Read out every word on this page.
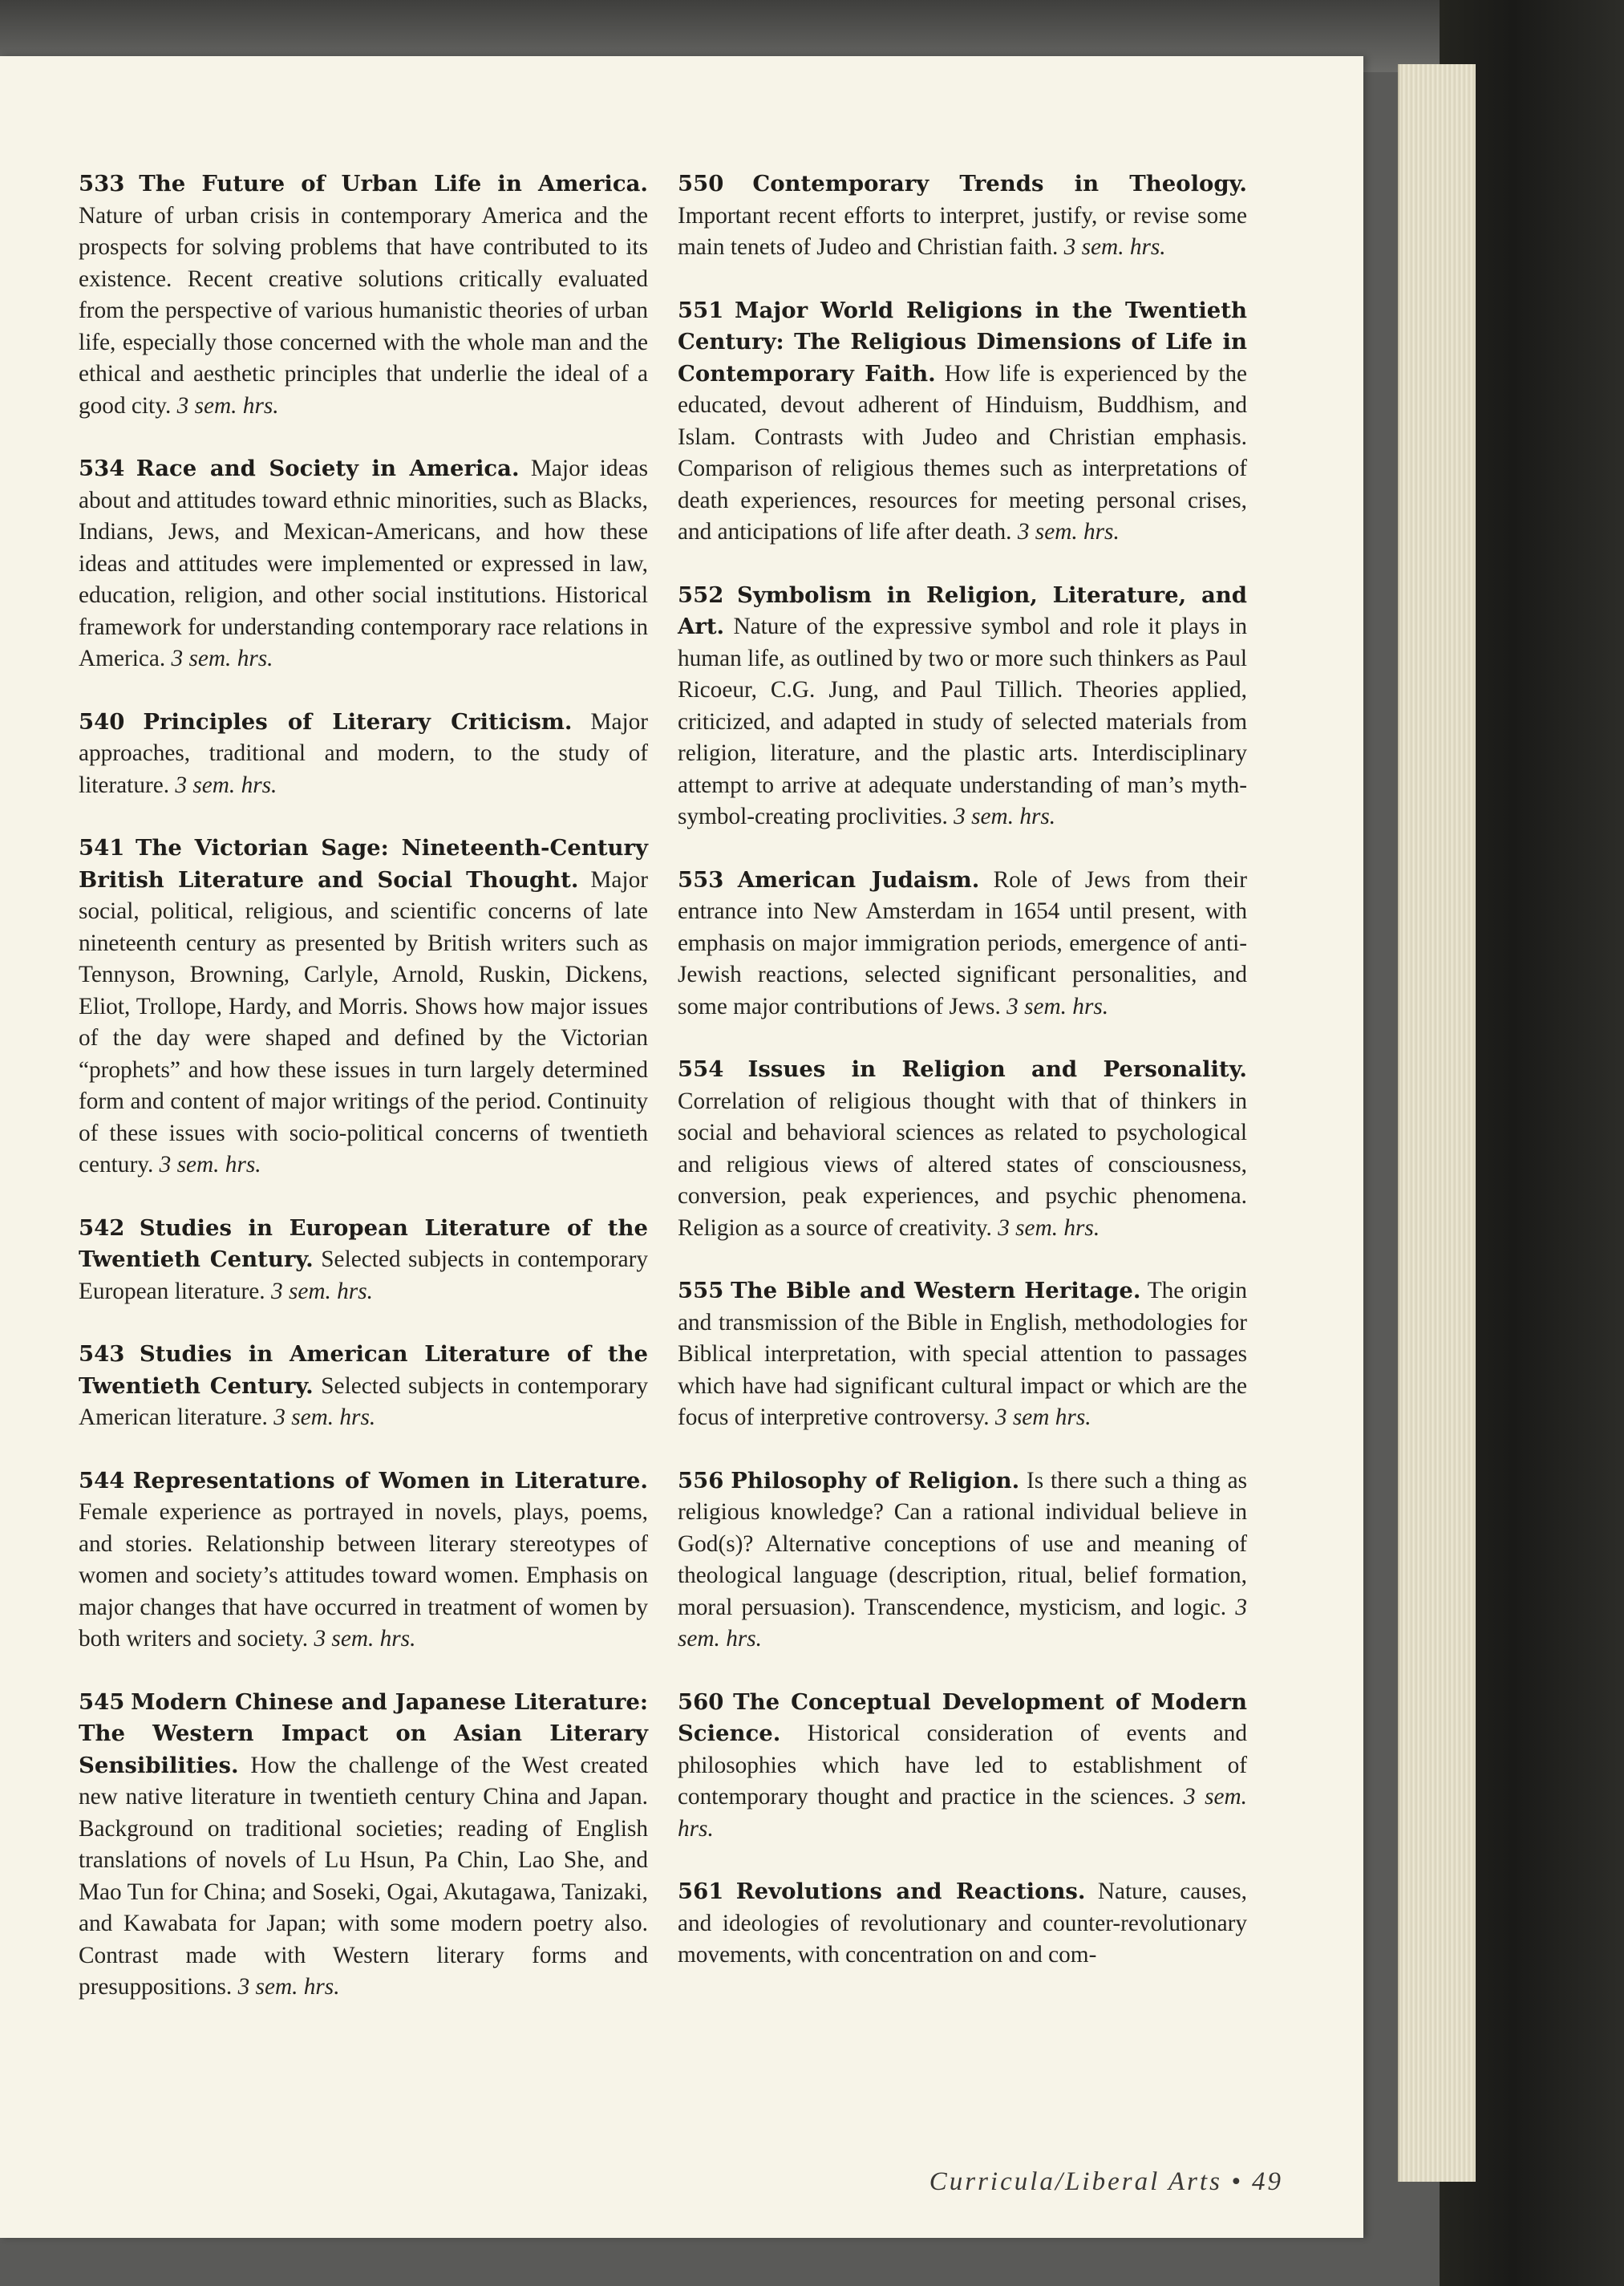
533 The Future of Urban Life in America. Nature of urban crisis in contemporary America and the prospects for solving problems that have contributed to its existence. Recent creative solutions critically evaluated from the perspective of various humanistic theories of urban life, especially those concerned with the whole man and the ethical and aesthetic principles that underlie the ideal of a good city. 3 sem. hrs.

534 Race and Society in America. Major ideas about and attitudes toward ethnic minorities, such as Blacks, Indians, Jews, and Mexican-Americans, and how these ideas and attitudes were implemented or expressed in law, education, religion, and other social institutions. Historical framework for understanding contemporary race relations in America. 3 sem. hrs.

540 Principles of Literary Criticism. Major approaches, traditional and modern, to the study of literature. 3 sem. hrs.

541 The Victorian Sage: Nineteenth-Century British Literature and Social Thought. Major social, political, religious, and scientific concerns of late nineteenth century as presented by British writers such as Tennyson, Browning, Carlyle, Arnold, Ruskin, Dickens, Eliot, Trollope, Hardy, and Morris. Shows how major issues of the day were shaped and defined by the Victorian “prophets” and how these issues in turn largely determined form and content of major writings of the period. Continuity of these issues with socio-political concerns of twentieth century. 3 sem. hrs.

542 Studies in European Literature of the Twentieth Century. Selected subjects in contemporary European literature. 3 sem. hrs.

543 Studies in American Literature of the Twentieth Century. Selected subjects in contemporary American literature. 3 sem. hrs.

544 Representations of Women in Literature. Female experience as portrayed in novels, plays, poems, and stories. Relationship between literary stereotypes of women and society’s attitudes toward women. Emphasis on major changes that have occurred in treatment of women by both writers and society. 3 sem. hrs.

545 Modern Chinese and Japanese Literature: The Western Impact on Asian Literary Sensibilities. How the challenge of the West created new native literature in twentieth century China and Japan. Background on traditional societies; reading of English translations of novels of Lu Hsun, Pa Chin, Lao She, and Mao Tun for China; and Soseki, Ogai, Akutagawa, Tanizaki, and Kawabata for Japan; with some modern poetry also. Contrast made with Western literary forms and presuppositions. 3 sem. hrs.

550 Contemporary Trends in Theology. Important recent efforts to interpret, justify, or revise some main tenets of Judeo and Christian faith. 3 sem. hrs.

551 Major World Religions in the Twentieth Century: The Religious Dimensions of Life in Contemporary Faith. How life is experienced by the educated, devout adherent of Hinduism, Buddhism, and Islam. Contrasts with Judeo and Christian emphasis. Comparison of religious themes such as interpretations of death experiences, resources for meeting personal crises, and anticipations of life after death. 3 sem. hrs.

552 Symbolism in Religion, Literature, and Art. Nature of the expressive symbol and role it plays in human life, as outlined by two or more such thinkers as Paul Ricoeur, C.G. Jung, and Paul Tillich. Theories applied, criticized, and adapted in study of selected materials from religion, literature, and the plastic arts. Interdisciplinary attempt to arrive at adequate understanding of man’s myth-symbol-creating proclivities. 3 sem. hrs.

553 American Judaism. Role of Jews from their entrance into New Amsterdam in 1654 until present, with emphasis on major immigration periods, emergence of anti-Jewish reactions, selected significant personalities, and some major contributions of Jews. 3 sem. hrs.

554 Issues in Religion and Personality. Correlation of religious thought with that of thinkers in social and behavioral sciences as related to psychological and religious views of altered states of consciousness, conversion, peak experiences, and psychic phenomena. Religion as a source of creativity. 3 sem. hrs.

555 The Bible and Western Heritage. The origin and transmission of the Bible in English, methodologies for Biblical interpretation, with special attention to passages which have had significant cultural impact or which are the focus of interpretive controversy. 3 sem hrs.

556 Philosophy of Religion. Is there such a thing as religious knowledge? Can a rational individual believe in God(s)? Alternative conceptions of use and meaning of theological language (description, ritual, belief formation, moral persuasion). Transcendence, mysticism, and logic. 3 sem. hrs.

560 The Conceptual Development of Modern Science. Historical consideration of events and philosophies which have led to establishment of contemporary thought and practice in the sciences. 3 sem. hrs.

561 Revolutions and Reactions. Nature, causes, and ideologies of revolutionary and counter-revolutionary movements, with concentration on and com-

Curricula/Liberal Arts • 49
